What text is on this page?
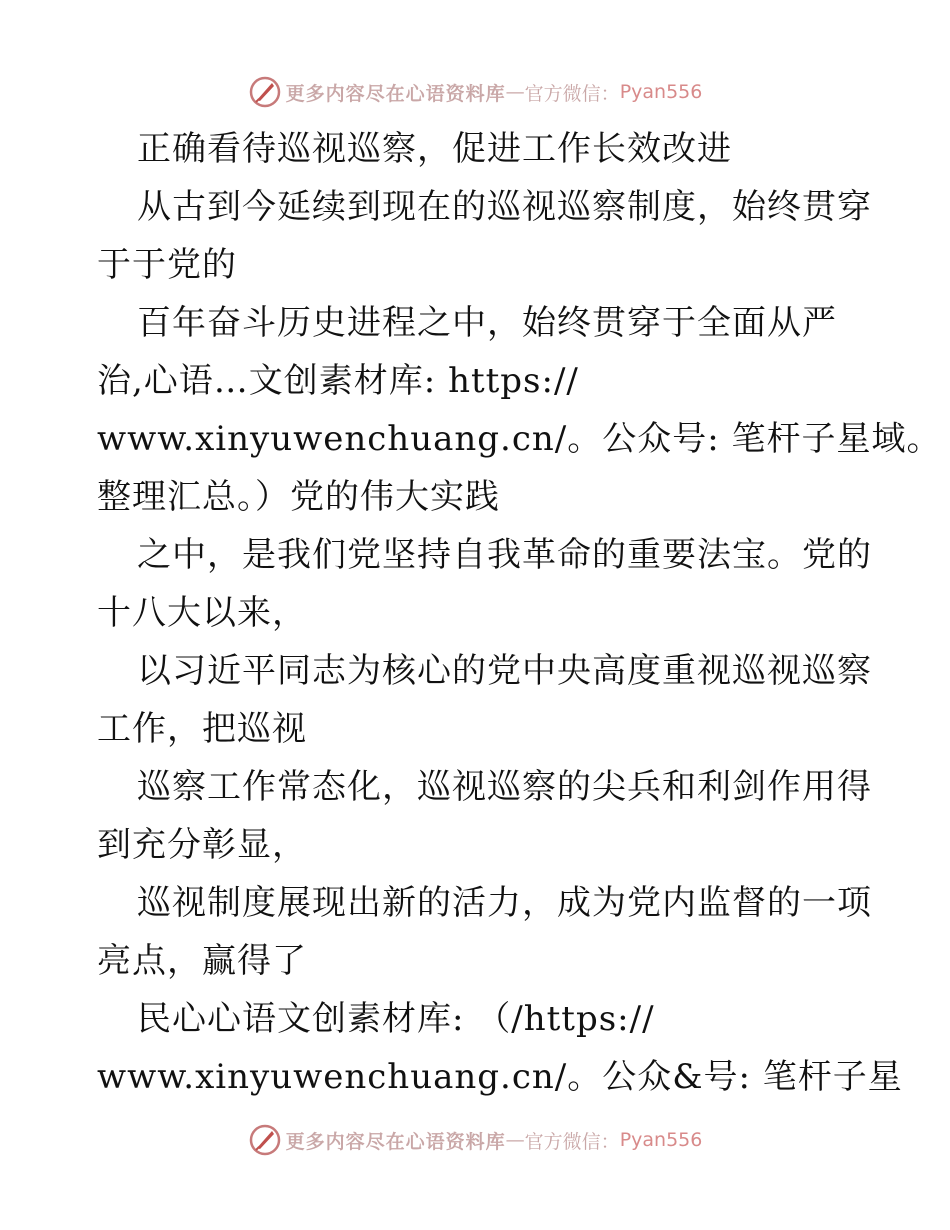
更多内容尽在心语资料库 — 官方微信： Pyan556
正确看待巡视巡察，促进工作长效改进
从古到今延续到现在的巡视巡察制度，始终贯穿
于于党的
百年奋斗历史进程之中，始终贯穿于全面从严
治,心语…文创素材库: https://
www.xinyuwenchuang.cn/。公众号: 笔杆子星域。
整理汇总。）党的伟大实践
之中，是我们党坚持自我革命的重要法宝。党的
十八大以来，
以习近平同志为核心的党中央高度重视巡视巡察
工作，把巡视
巡察工作常态化，巡视巡察的尖兵和利剑作用得
到充分彰显，
巡视制度展现出新的活力，成为党内监督的一项
亮点，赢得了
民心心语文创素材库: （/https://
www.xinyuwenchuang.cn/。公众&号: 笔杆子星
更多内容尽在心语资料库 — 官方微信： Pyan556
